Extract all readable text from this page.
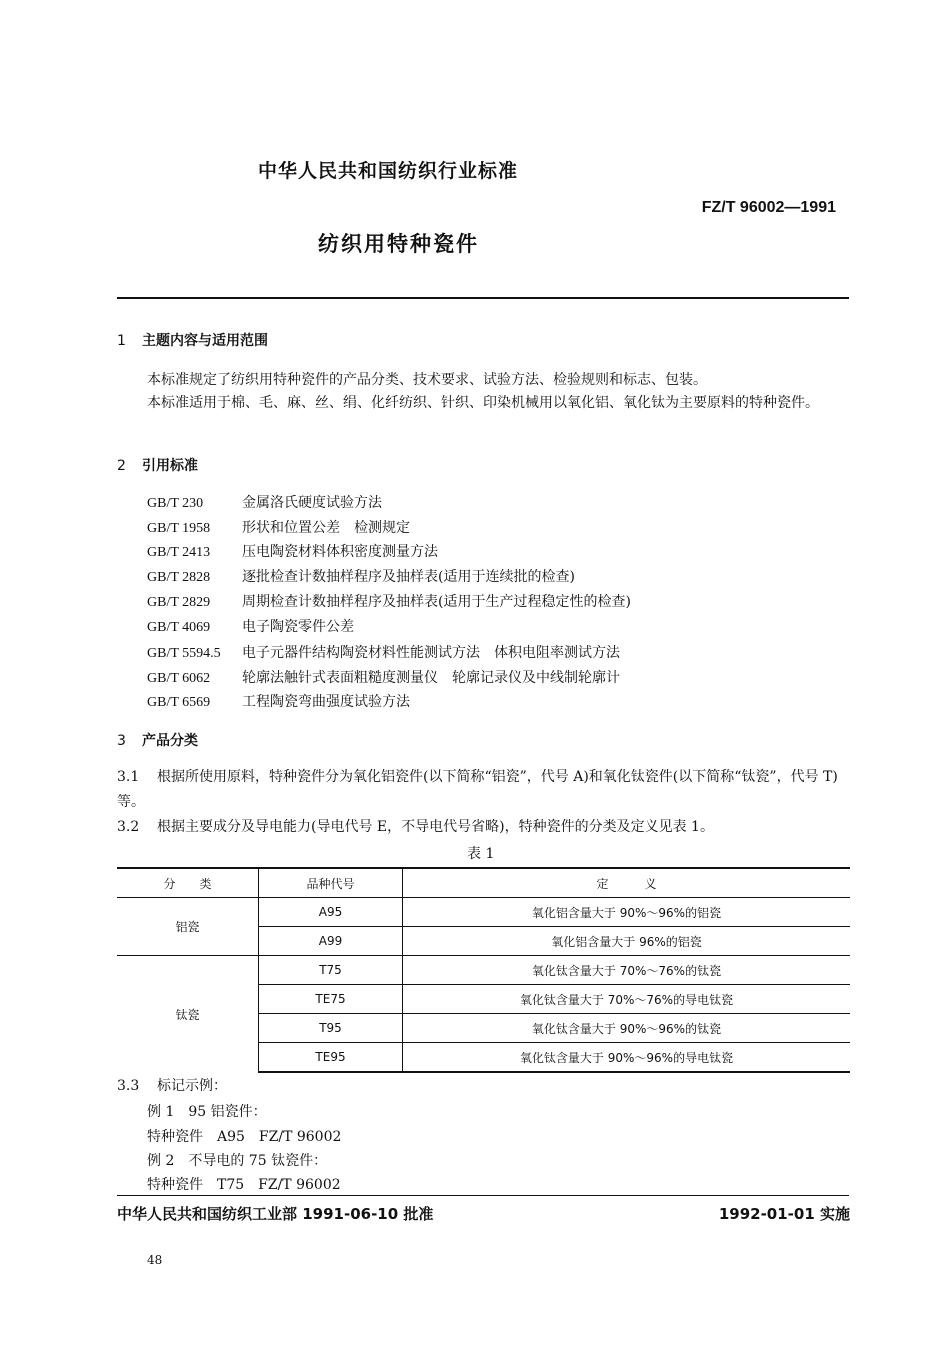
中华人民共和国纺织行业标准
FZ/T 96002—1991
纺织用特种瓷件
1 主题内容与适用范围
本标准规定了纺织用特种瓷件的产品分类、技术要求、试验方法、检验规则和标志、包装。
本标准适用于棉、毛、麻、丝、绢、化纤纺织、针织、印染机械用以氧化铝、氧化钛为主要原料的特种瓷件。
2 引用标准
GB/T 230	金属洛氏硬度试验方法
GB/T 1958 形状和位置公差　检测规定
GB/T 2413 压电陶瓷材料体积密度测量方法
GB/T 2828 逐批检查计数抽样程序及抽样表(适用于连续批的检查)
GB/T 2829 周期检查计数抽样程序及抽样表(适用于生产过程稳定性的检查)
GB/T 4069 电子陶瓷零件公差
GB/T 5594.5 电子元器件结构陶瓷材料性能测试方法　体积电阻率测试方法
GB/T 6062 轮廓法触针式表面粗糙度测量仪　轮廓记录仪及中线制轮廓计
GB/T 6569 工程陶瓷弯曲强度试验方法
3 产品分类
3.1 根据所使用原料，特种瓷件分为氧化铝瓷件(以下简称“铝瓷”，代号 A)和氧化钛瓷件(以下简称“钛瓷”，代号 T)等。
3.2 根据主要成分及导电能力(导电代号 E，不导电代号省略)，特种瓷件的分类及定义见表 1。
表 1
分　　类	品种代号	定　　　义
铝瓷	A95	氧化铝含量大于 90%～96%的铝瓷
	A99	氧化铝含量大于 96%的铝瓷
钛瓷	T75	氧化钛含量大于 70%～76%的钛瓷
	TE75	氧化钛含量大于 70%～76%的导电钛瓷
	T95	氧化钛含量大于 90%～96%的钛瓷
	TE95	氧化钛含量大于 90%～96%的导电钛瓷
3.3 标记示例：
例 1　95 铝瓷件：
特种瓷件　A95　FZ/T 96002
例 2　不导电的 75 钛瓷件：
特种瓷件　T75　FZ/T 96002
中华人民共和国纺织工业部 1991-06-10 批准	1992-01-01 实施
48
